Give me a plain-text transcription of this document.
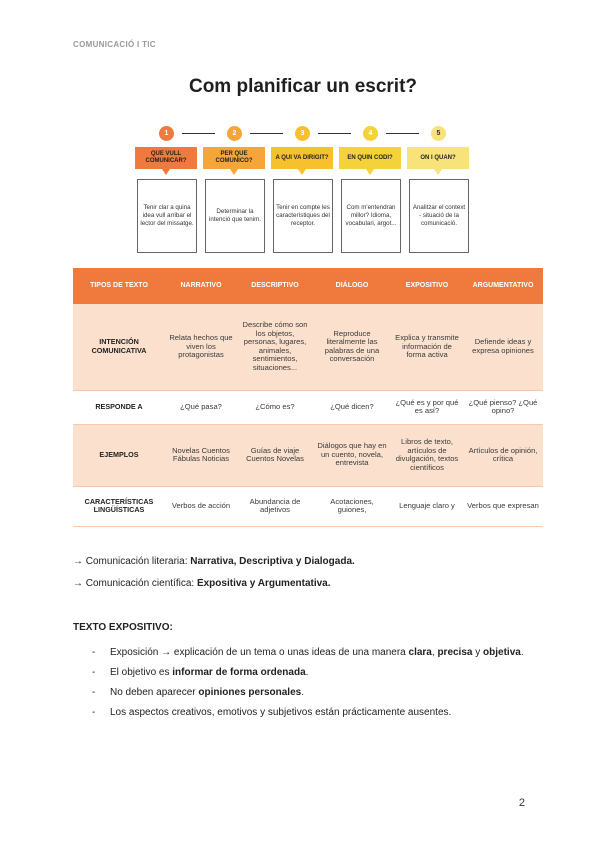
COMUNICACIÓ I TIC
Com planificar un escrit?
1
QUE VULL COMUNICAR?
Tenir clar a quina idea vull arribar el lector del missatge.
2
PER QUE COMUNICO?
Determinar la intenció que tenim.
3
A QUI VA DIRIGIT?
Tenir en compte les característiques del receptor.
4
EN QUIN CODI?
Com m'entendran millor? Idioma, vocabulari, argot...
5
ON I QUAN?
Analitzar el context - situació de la comunicació.
TIPOS DE TEXTO	NARRATIVO	DESCRIPTIVO	DIÁLOGO	EXPOSITIVO	ARGUMENTATIVO
INTENCIÓN COMUNICATIVA	Relata hechos que viven los protagonistas	Describe cómo son los objetos, personas, lugares, animales, sentimientos, situaciones...	Reproduce literalmente las palabras de una conversación	Explica y transmite información de forma activa	Defiende ideas y expresa opiniones
RESPONDE A	¿Qué pasa?	¿Cómo es?	¿Qué dicen?	¿Qué es y por qué es así?	¿Qué pienso? ¿Qué opino?
EJEMPLOS	Novelas Cuentos Fábulas Noticias	Guías de viaje Cuentos Novelas	Diálogos que hay en un cuento, novela, entrevista	Libros de texto, artículos de divulgación, textos científicos	Artículos de opinión, crítica
CARACTERÍSTICAS LINGÜÍSTICAS	Verbos de acción	Abundancia de adjetivos	Acotaciones, guiones,	Lenguaje claro y	Verbos que expresan
→ Comunicación literaria: Narrativa, Descriptiva y Dialogada.
→ Comunicación científica: Expositiva y Argumentativa.
TEXTO EXPOSITIVO:
- Exposición → explicación de un tema o unas ideas de una manera clara, precisa y objetiva.
- El objetivo es informar de forma ordenada.
- No deben aparecer opiniones personales.
- Los aspectos creativos, emotivos y subjetivos están prácticamente ausentes.
2
